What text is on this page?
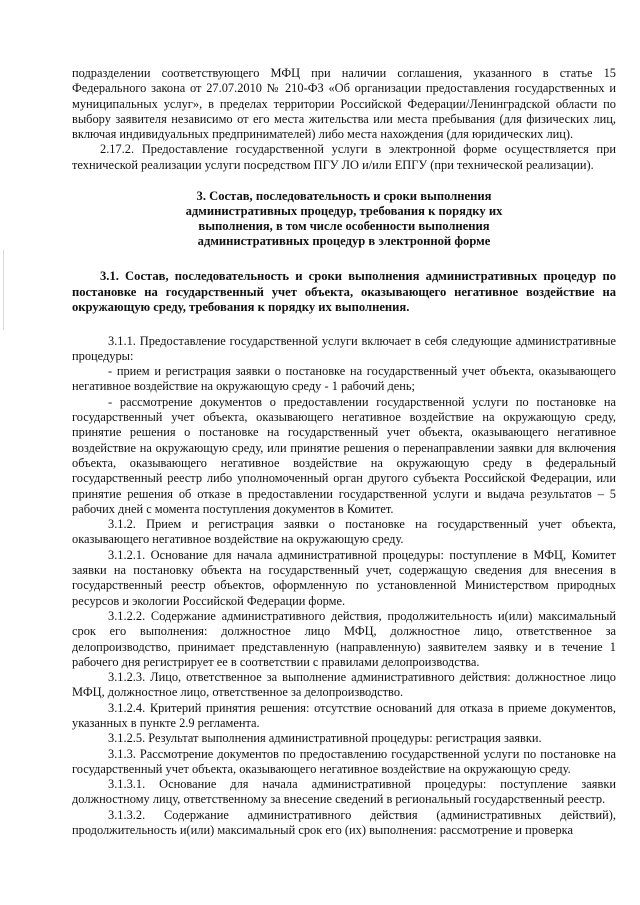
подразделении соответствующего МФЦ при наличии соглашения, указанного в статье 15 Федерального закона от 27.07.2010 № 210-ФЗ «Об организации предоставления государственных и муниципальных услуг», в пределах территории Российской Федерации/Ленинградской области по выбору заявителя независимо от его места жительства или места пребывания (для физических лиц, включая индивидуальных предпринимателей) либо места нахождения (для юридических лиц).

2.17.2. Предоставление государственной услуги в электронной форме осуществляется при технической реализации услуги посредством ПГУ ЛО и/или ЕПГУ (при технической реализации).

3. Состав, последовательность и сроки выполнения административных процедур, требования к порядку их выполнения, в том числе особенности выполнения административных процедур в электронной форме

3.1. Состав, последовательность и сроки выполнения административных процедур по постановке на государственный учет объекта, оказывающего негативное воздействие на окружающую среду, требования к порядку их выполнения.

3.1.1. Предоставление государственной услуги включает в себя следующие административные процедуры:

- прием и регистрация заявки о постановке на государственный учет объекта, оказывающего негативное воздействие на окружающую среду - 1 рабочий день;

- рассмотрение документов о предоставлении государственной услуги по постановке на государственный учет объекта, оказывающего негативное воздействие на окружающую среду, принятие решения о постановке на государственный учет объекта, оказывающего негативное воздействие на окружающую среду, или принятие решения о перенаправлении заявки для включения объекта, оказывающего негативное воздействие на окружающую среду в федеральный государственный реестр либо уполномоченный орган другого субъекта Российской Федерации, или принятие решения об отказе в предоставлении государственной услуги и выдача результатов – 5 рабочих дней с момента поступления документов в Комитет.

3.1.2. Прием и регистрация заявки о постановке на государственный учет объекта, оказывающего негативное воздействие на окружающую среду.

3.1.2.1. Основание для начала административной процедуры: поступление в МФЦ, Комитет заявки на постановку объекта на государственный учет, содержащую сведения для внесения в государственный реестр объектов, оформленную по установленной Министерством природных ресурсов и экологии Российской Федерации форме.

3.1.2.2. Содержание административного действия, продолжительность и(или) максимальный срок его выполнения: должностное лицо МФЦ, должностное лицо, ответственное за делопроизводство, принимает представленную (направленную) заявителем заявку и в течение 1 рабочего дня регистрирует ее в соответствии с правилами делопроизводства.

3.1.2.3. Лицо, ответственное за выполнение административного действия: должностное лицо МФЦ, должностное лицо, ответственное за делопроизводство.

3.1.2.4. Критерий принятия решения: отсутствие оснований для отказа в приеме документов, указанных в пункте 2.9 регламента.

3.1.2.5. Результат выполнения административной процедуры: регистрация заявки.

3.1.3. Рассмотрение документов по предоставлению государственной услуги по постановке на государственный учет объекта, оказывающего негативное воздействие на окружающую среду.

3.1.3.1. Основание для начала административной процедуры: поступление заявки должностному лицу, ответственному за внесение сведений в региональный государственный реестр.

3.1.3.2. Содержание административного действия (административных действий), продолжительность и(или) максимальный срок его (их) выполнения: рассмотрение и проверка
